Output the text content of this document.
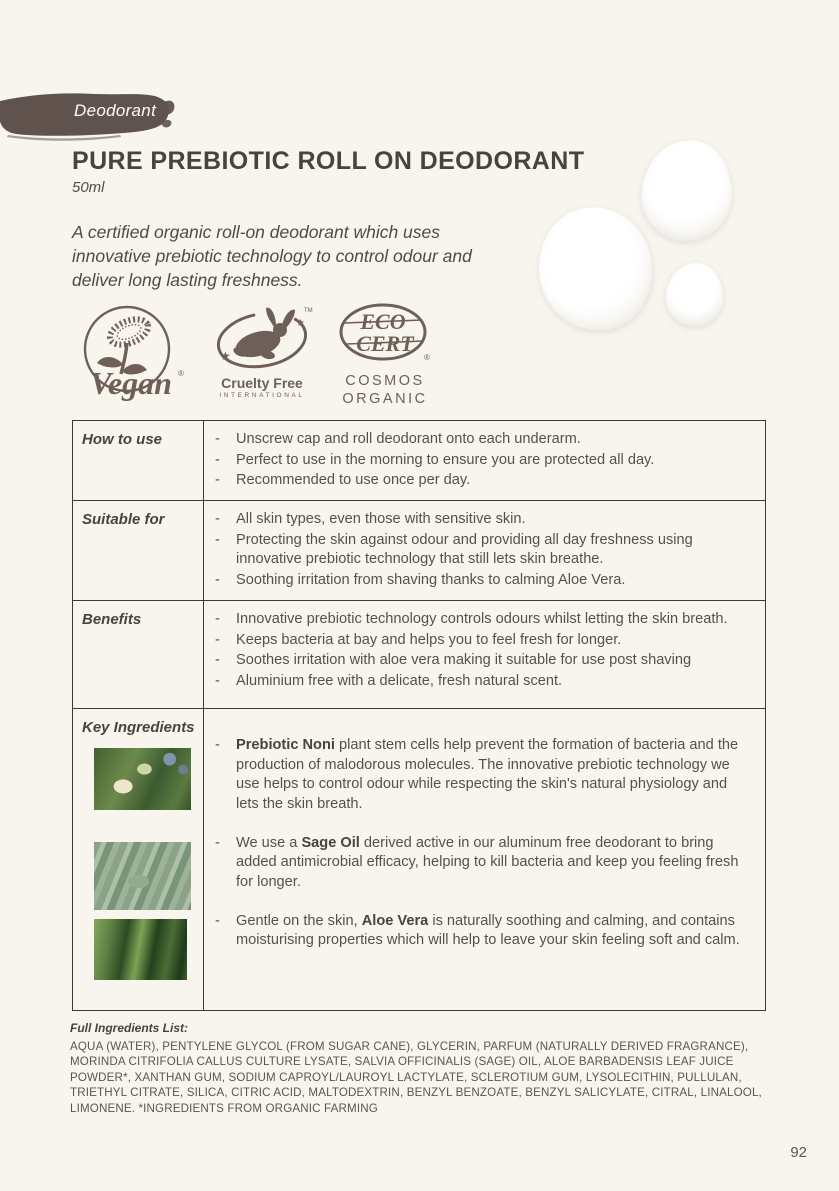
Deodorant
PURE PREBIOTIC ROLL ON DEODORANT
50ml

A certified organic roll-on deodorant which uses innovative prebiotic technology to control odour and deliver long lasting freshness.

Vegan ®
★
★
TM
Cruelty Free
INTERNATIONAL
ECO
CERT
®
COSMOS
ORGANIC
How to use	-	Unscrew cap and roll deodorant onto each underarm.
-	Perfect to use in the morning to ensure you are protected all day.
-	Recommended to use once per day.
Suitable for	-	All skin types, even those with sensitive skin.
-	Protecting the skin against odour and providing all day freshness using innovative prebiotic technology that still lets skin breathe.
-	Soothing irritation from shaving thanks to calming Aloe Vera.
Benefits	-	Innovative prebiotic technology controls odours whilst letting the skin breath.
-	Keeps bacteria at bay and helps you to feel fresh for longer.
-	Soothes irritation with aloe vera making it suitable for use post shaving
-	Aluminium free with a delicate, fresh natural scent.
Key Ingredients
-	Prebiotic Noni plant stem cells help prevent the formation of bacteria and the production of malodorous molecules. The innovative prebiotic technology we use helps to control odour while respecting the skin's natural physiology and lets the skin breath.
-	We use a Sage Oil derived active in our aluminum free deodorant to bring added antimicrobial efficacy, helping to kill bacteria and keep you feeling fresh for longer.
-	Gentle on the skin, Aloe Vera is naturally soothing and calming, and contains moisturising properties which will help to leave your skin feeling soft and calm.
Full Ingredients List:
AQUA (WATER), PENTYLENE GLYCOL (FROM SUGAR CANE), GLYCERIN, PARFUM (NATURALLY DERIVED FRAGRANCE), MORINDA CITRIFOLIA CALLUS CULTURE LYSATE, SALVIA OFFICINALIS (SAGE) OIL, ALOE BARBADENSIS LEAF JUICE POWDER*, XANTHAN GUM, SODIUM CAPROYL/LAUROYL LACTYLATE, SCLEROTIUM GUM, LYSOLECITHIN, PULLULAN, TRIETHYL CITRATE, SILICA, CITRIC ACID, MALTODEXTRIN, BENZYL BENZOATE, BENZYL SALICYLATE, CITRAL, LINALOOL, LIMONENE. *INGREDIENTS FROM ORGANIC FARMING
92
